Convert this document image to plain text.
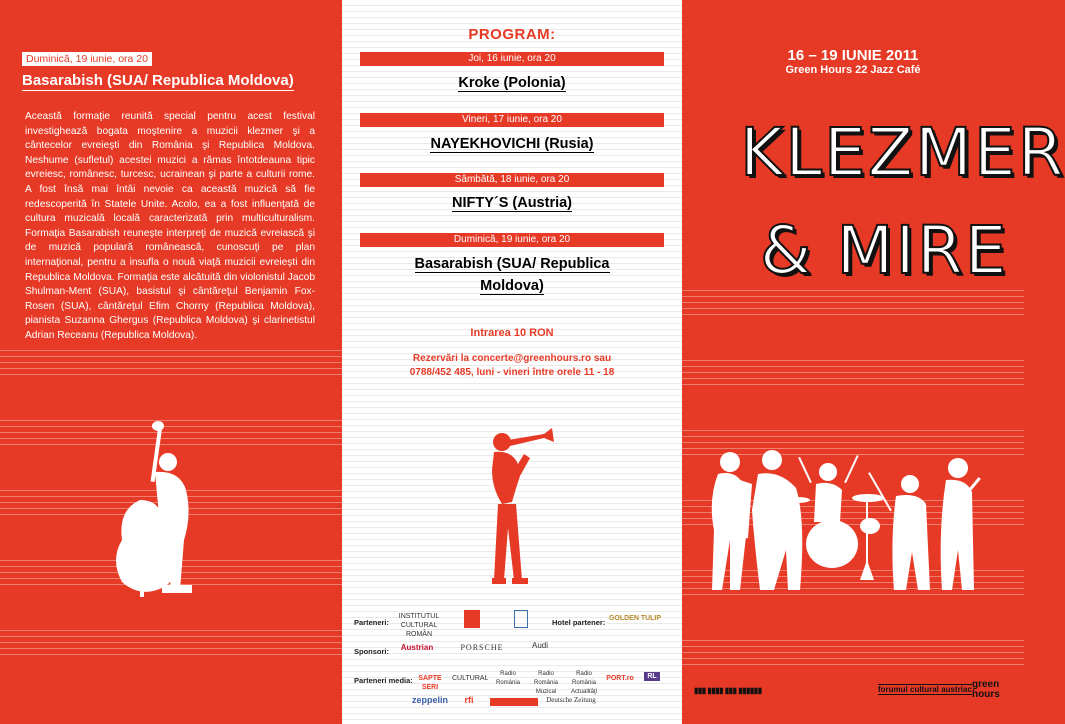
Duminică, 19 iunie, ora 20
Basarabish (SUA/ Republica Moldova)
Această formaţie reunită special pentru acest festival investighează bogata moştenire a muzicii klezmer şi a cântecelor evreieşti din România şi Republica Moldova. Neshume (sufletul) acestei muzici a rămas întotdeauna tipic evreiesc, românesc, turcesc, ucrainean şi parte a culturii rome. A fost însă mai întâi nevoie ca această muzică să fie redescoperită în Statele Unite. Acolo, ea a fost influenţată de cultura muzicală locală caracterizată prin multiculturalism. Formaţia Basarabish reuneşte interpreţi de muzică evreiască şi de muzică populară românească, cunoscuţi pe plan internaţional, pentru a insufla o nouă viaţă muzicii evreieşti din Republica Moldova. Formaţia este alcătuită din violonistul Jacob Shulman-Ment (SUA), basistul şi cântăreţul Benjamin Fox-Rosen (SUA), cântăreţul Efim Chorny (Republica Moldova), pianista Suzanna Ghergus (Republica Moldova) şi clarinetistul Adrian Receanu (Republica Moldova).
PROGRAM:
Joi, 16 iunie, ora 20
Kroke (Polonia)
Vineri, 17 iunie, ora 20
NAYEKHOVICHI (Rusia)
Sâmbătă, 18 iunie, ora 20
NIFTY´S (Austria)
Duminică, 19 iunie, ora 20
Basarabish (SUA/ Republica
Moldova)
Intrarea 10 RON
Rezervări la concerte@greenhours.ro sau
0788/452 485, luni - vineri între orele 11 - 18
Parteneri:
INSTITUTUL CULTURAL ROMÂN
Hotel partener: GOLDEN TULIP
Sponsori:	Austrian	PORSCHE	Audi
Parteneri media: SAPTE SERI
CULTURAL
Radio România
Radio România Muzical
Radio România Actualităţi
PORT.ro	RL
zeppelin	rfi	Deutsche Zeitung
16 – 19 IUNIE 2011
Green Hours 22 Jazz Café
KLEZMER
& MIRE
▮▮▮ ▮▮▮▮ ▮▮▮ ▮▮▮▮▮▮	forumul cultural austriac green hours
